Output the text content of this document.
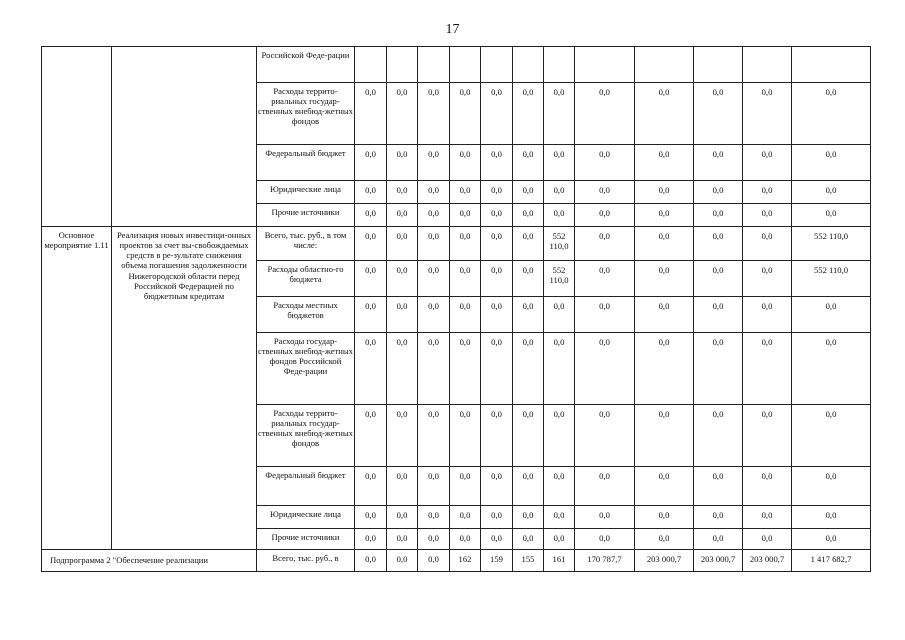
17
		Российской Феде-рации												
		Расходы террито-риальных государ-ственных внебюд-жетных фондов	0,0	0,0	0,0	0,0	0,0	0,0	0,0	0,0	0,0	0,0	0,0	0,0
		Федеральный бюджет	0,0	0,0	0,0	0,0	0,0	0,0	0,0	0,0	0,0	0,0	0,0	0,0
		Юридические лица	0,0	0,0	0,0	0,0	0,0	0,0	0,0	0,0	0,0	0,0	0,0	0,0
		Прочие источники	0,0	0,0	0,0	0,0	0,0	0,0	0,0	0,0	0,0	0,0	0,0	0,0
Основное мероприятие 1.11	Реализация новых инвестици-онных проектов за счет вы-свобождаемых средств в ре-зультате снижения объема погашения задолженности Нижегородской области перед Российской Федерацией по бюджетным кредитам	Всего, тыс. руб., в том числе:	0,0	0,0	0,0	0,0	0,0	0,0	552 110,0	0,0	0,0	0,0	0,0	552 110,0
		Расходы областно-го бюджета	0,0	0,0	0,0	0,0	0,0	0,0	552 110,0	0,0	0,0	0,0	0,0	552 110,0
		Расходы местных бюджетов	0,0	0,0	0,0	0,0	0,0	0,0	0,0	0,0	0,0	0,0	0,0	0,0
		Расходы государ-ственных внебюд-жетных фондов Российской Феде-рации	0,0	0,0	0,0	0,0	0,0	0,0	0,0	0,0	0,0	0,0	0,0	0,0
		Расходы террито-риальных государ-ственных внебюд-жетных фондов	0,0	0,0	0,0	0,0	0,0	0,0	0,0	0,0	0,0	0,0	0,0	0,0
		Федеральный бюджет	0,0	0,0	0,0	0,0	0,0	0,0	0,0	0,0	0,0	0,0	0,0	0,0
		Юридические лица	0,0	0,0	0,0	0,0	0,0	0,0	0,0	0,0	0,0	0,0	0,0	0,0
		Прочие источники	0,0	0,0	0,0	0,0	0,0	0,0	0,0	0,0	0,0	0,0	0,0	0,0
Подпрограмма 2 "Обеспечение реализации		Всего, тыс. руб., в	0,0	0,0	0,0	162	159	155	161	170 787,7	203 000,7	203 000,7	203 000,7	1 417 682,7
